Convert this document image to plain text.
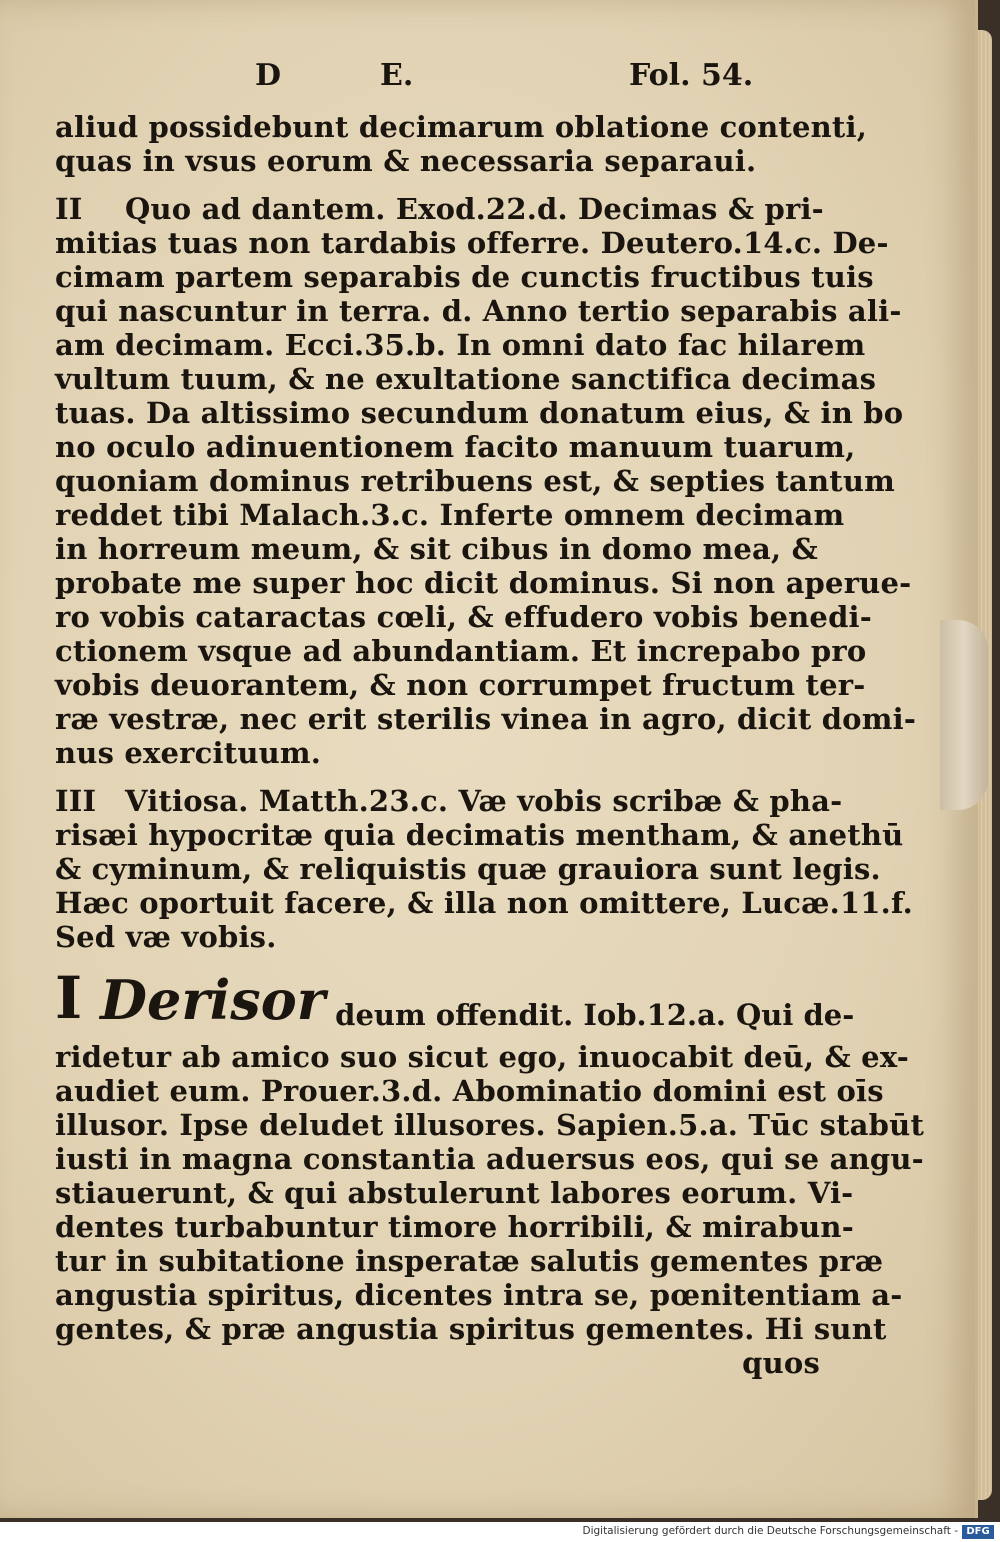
D	E.	Fol. 54.
aliud possidebunt decimarum oblatione contenti,
quas in vsus eorum & necessaria separaui.
II Quo ad dantem. Exod.22.d. Decimas & pri-
mitias tuas non tardabis offerre. Deutero.14.c. De-
cimam partem separabis de cunctis fructibus tuis
qui nascuntur in terra. d. Anno tertio separabis ali-
am decimam. Ecci.35.b. In omni dato fac hilarem
vultum tuum, & ne exultatione sanctifica decimas
tuas. Da altissimo secundum donatum eius, & in bo
no oculo adinuentionem facito manuum tuarum,
quoniam dominus retribuens est, & septies tantum
reddet tibi Malach.3.c. Inferte omnem decimam
in horreum meum, & sit cibus in domo mea, &
probate me super hoc dicit dominus. Si non aperue-
ro vobis cataractas cœli, & effudero vobis benedi-
ctionem vsque ad abundantiam. Et increpabo pro
vobis deuorantem, & non corrumpet fructum ter-
ræ vestræ, nec erit sterilis vinea in agro, dicit domi-
nus exercituum.
III Vitiosa. Matth.23.c. Væ vobis scribæ & pha-
risæi hypocritæ quia decimatis mentham, & anethū
& cyminum, & reliquistis quæ grauiora sunt legis.
Hæc oportuit facere, & illa non omittere, Lucæ.11.f.
Sed væ vobis.
I Derisor deum offendit. Iob.12.a. Qui de-
ridetur ab amico suo sicut ego, inuocabit deū, & ex-
audiet eum. Prouer.3.d. Abominatio domini est oīs
illusor. Ipse deludet illusores. Sapien.5.a. Tūc stabūt
iusti in magna constantia aduersus eos, qui se angu-
stiauerunt, & qui abstulerunt labores eorum. Vi-
dentes turbabuntur timore horribili, & mirabun-
tur in subitatione insperatæ salutis gementes præ
angustia spiritus, dicentes intra se, pœnitentiam a-
gentes, & præ angustia spiritus gementes. Hi sunt
quos
Digitalisierung gefördert durch die Deutsche Forschungsgemeinschaft - DFG
